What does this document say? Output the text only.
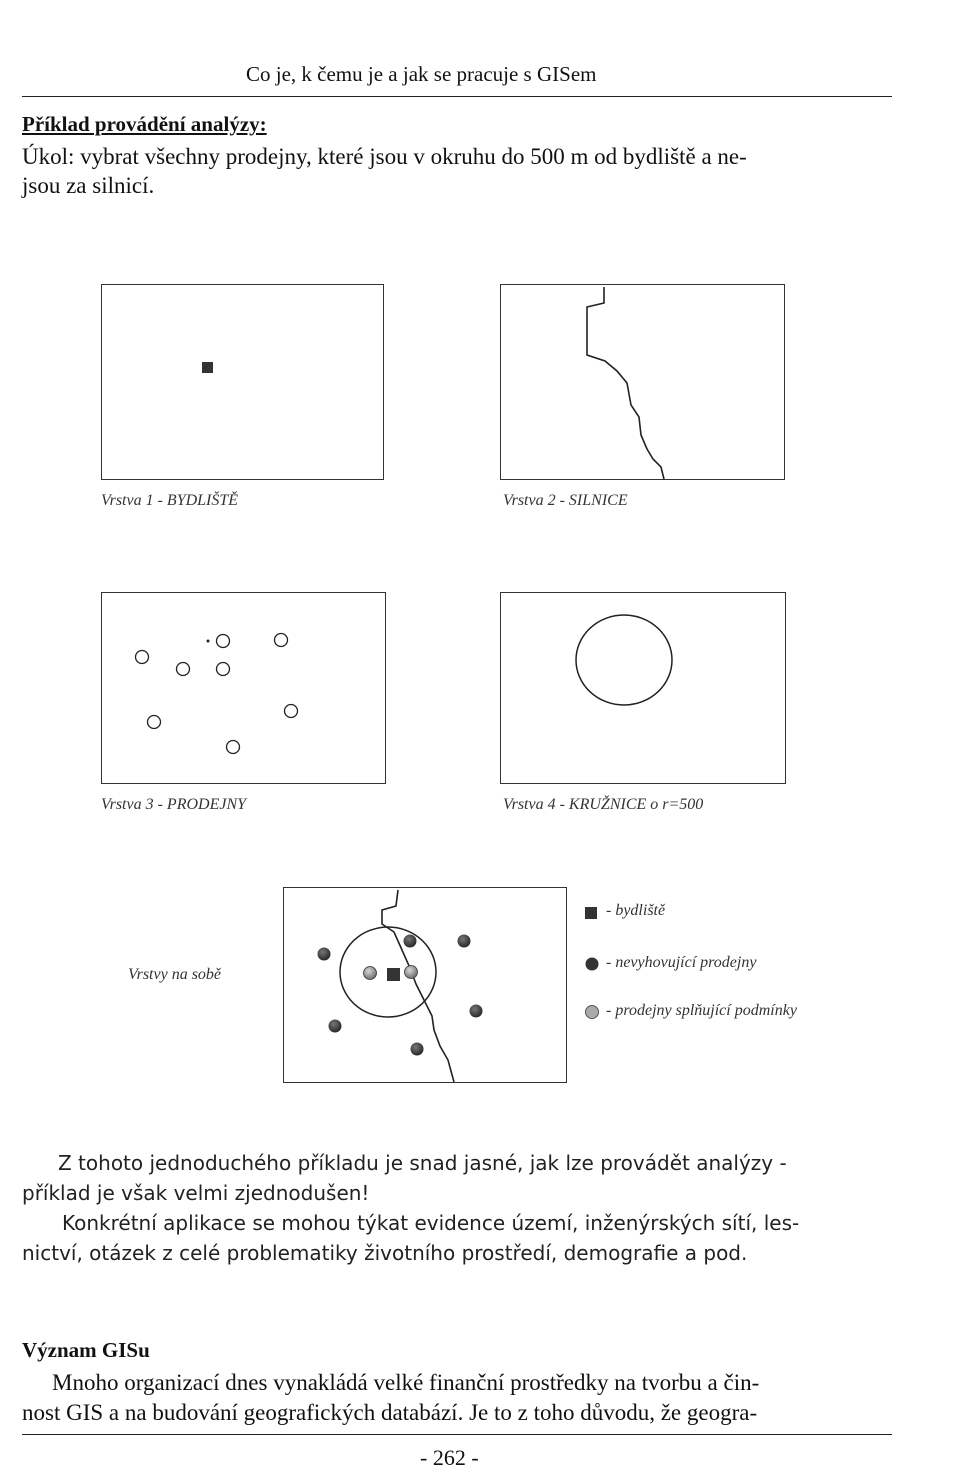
Co je, k čemu je a jak se pracuje s GISem
Příklad provádění analýzy:
Úkol: vybrat všechny prodejny, které jsou v okruhu do 500 m od bydliště a ne-
jsou za silnicí.
Vrstva 1 - BYDLIŠTĚ	Vrstva 2 - SILNICE
Vrstva 3 - PRODEJNY	Vrstva 4 - KRUŽNICE o r=500
Vrstvy na sobě
- bydliště
- nevyhovující prodejny
- prodejny splňující podmínky
Z tohoto jednoduchého příkladu je snad jasné, jak lze provádět analýzy -
příklad je však velmi zjednodušen!
Konkrétní aplikace se mohou týkat evidence území, inženýrských sítí, les-
nictví, otázek z celé problematiky životního prostředí, demografie a pod.
Význam GISu
Mnoho organizací dnes vynakládá velké finanční prostředky na tvorbu a čin-
nost GIS a na budování geografických databází. Je to z toho důvodu, že geogra-
- 262 -
